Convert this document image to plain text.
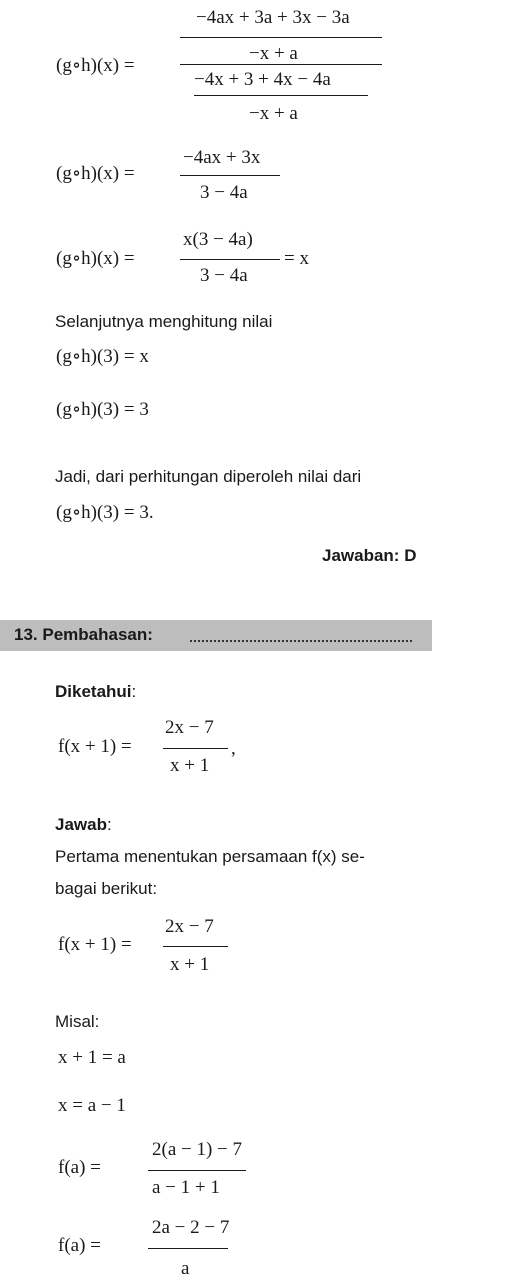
(g∘h)(x) =
−4ax + 3a + 3x − 3a
−x + a
−4x + 3 + 4x − 4a
−x + a
(g∘h)(x) =
−4ax + 3x
3 − 4a
(g∘h)(x) =
x(3 − 4a)
= x
3 − 4a
Selanjutnya menghitung nilai
(g∘h)(3) = x
(g∘h)(3) = 3
Jadi, dari perhitungan diperoleh nilai dari
(g∘h)(3) = 3.
Jawaban: D
13. Pembahasan:
Diketahui:
f(x + 1) =
2x − 7
,
x + 1
Jawab:
Pertama menentukan persamaan f(x) se-
bagai berikut:
f(x + 1) =
2x − 7
x + 1
Misal:
x + 1 = a
x = a − 1
f(a) =
2(a − 1) − 7
a − 1 + 1
f(a) =
2a − 2 − 7
a
